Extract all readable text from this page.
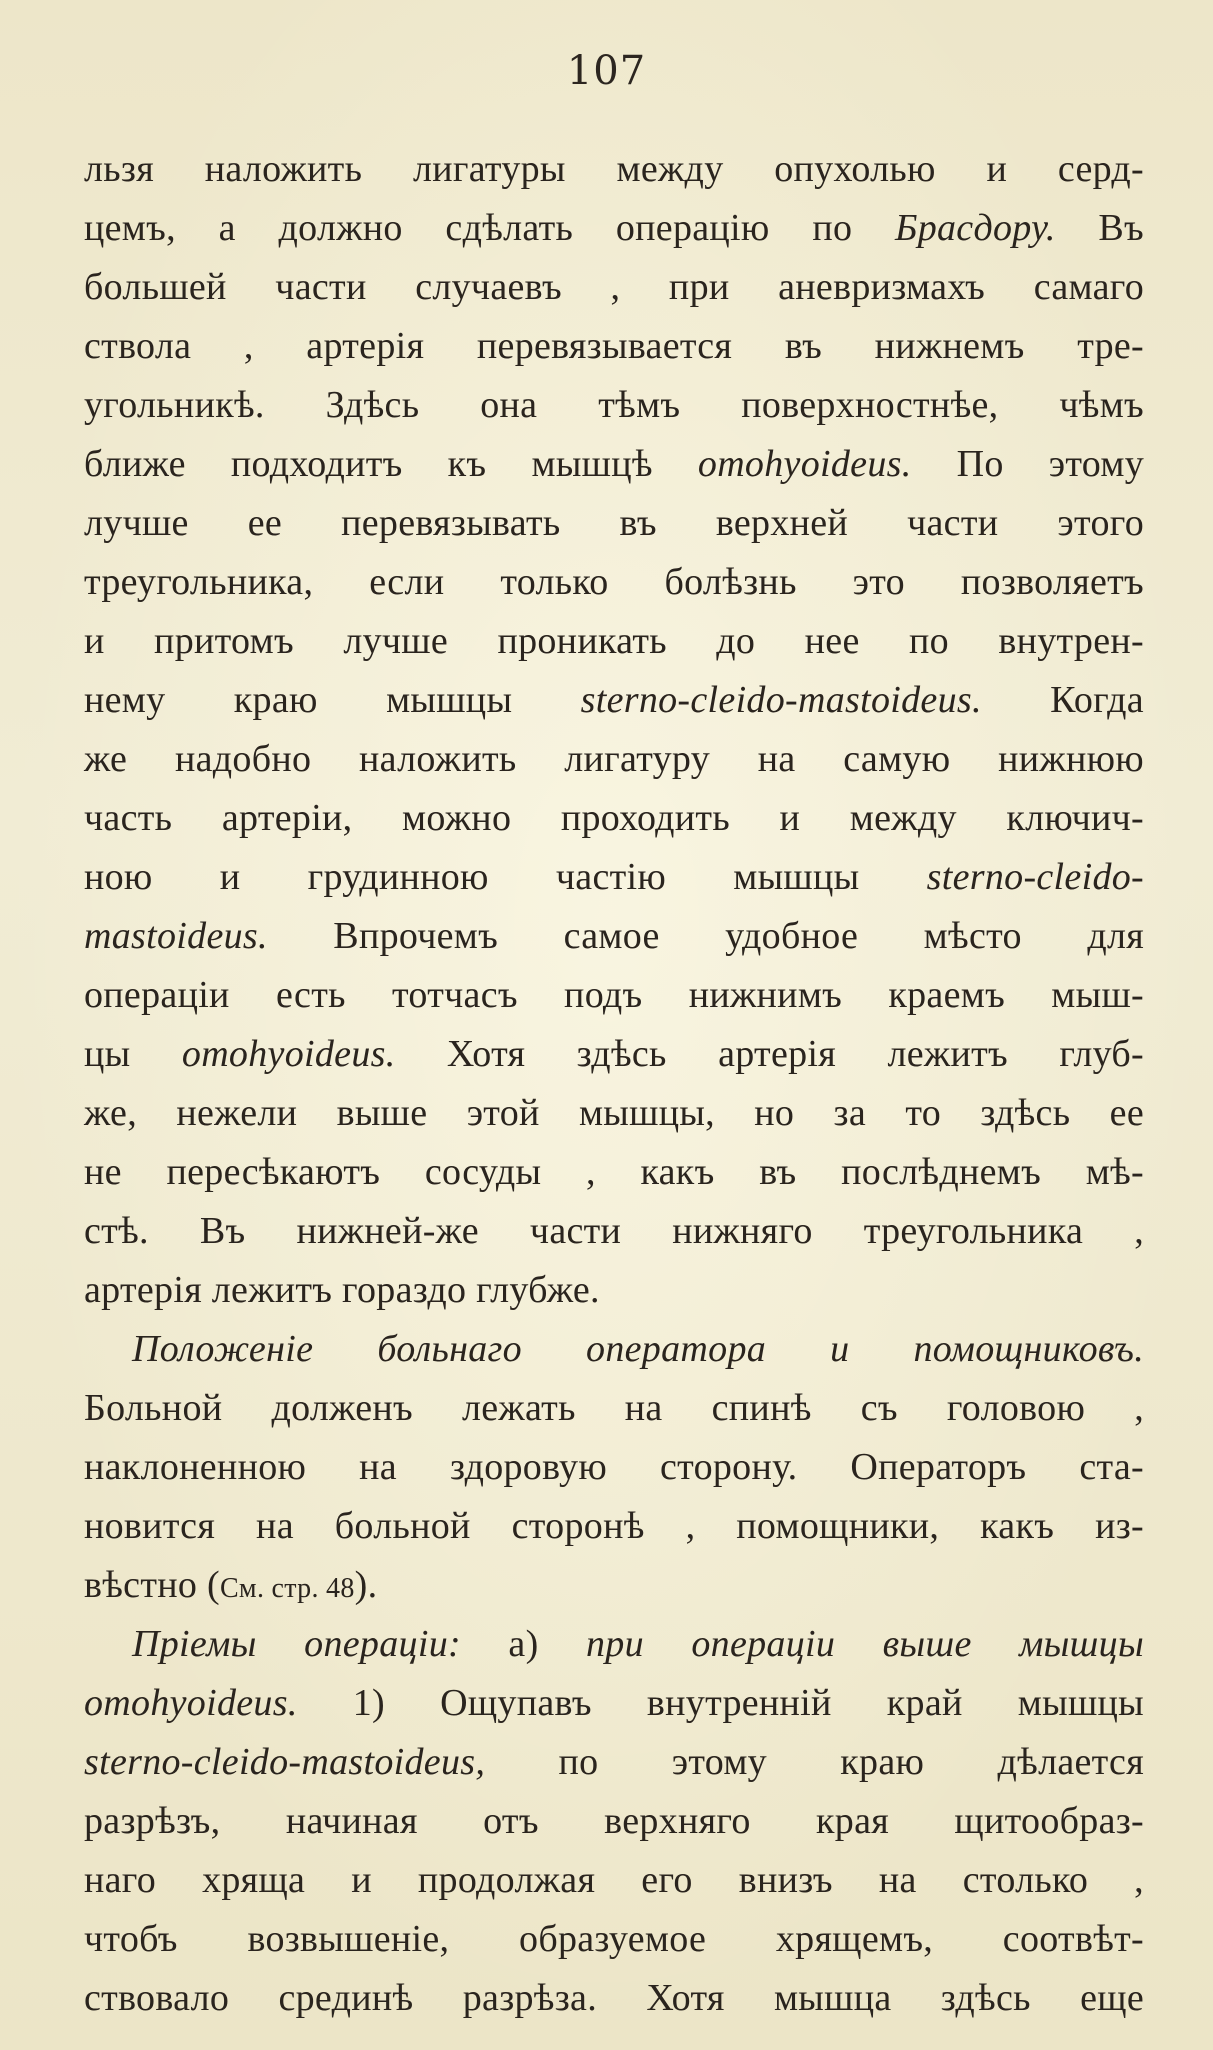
107
льзя наложить лигатуры между опухолью и серд-
цемъ, а должно сдѣлать операцію по Брасдору. Въ
большей части случаевъ , при аневризмахъ самаго
ствола , артерія перевязывается въ нижнемъ тре-
угольникѣ. Здѣсь она тѣмъ поверхностнѣе, чѣмъ
ближе подходитъ къ мышцѣ omohyoideus. По этому
лучше ее перевязывать въ верхней части этого
треугольника, если только болѣзнь это позволяетъ
и притомъ лучше проникать до нее по внутрен-
нему краю мышцы sterno-cleido-mastoideus. Когда
же надобно наложить лигатуру на самую нижнюю
часть артеріи, можно проходить и между ключич-
ною и грудинною частію мышцы sterno-cleido-
mastoideus. Впрочемъ самое удобное мѣсто для
операціи есть тотчасъ подъ нижнимъ краемъ мыш-
цы omohyoideus. Хотя здѣсь артерія лежитъ глуб-
же, нежели выше этой мышцы, но за то здѣсь ее
не пересѣкаютъ сосуды , какъ въ послѣднемъ мѣ-
стѣ. Въ нижней-же части нижняго треугольника ,
артерія лежитъ гораздо глубже.
Положеніе больнаго оператора и помощниковъ.
Больной долженъ лежать на спинѣ съ головою ,
наклоненною на здоровую сторону. Операторъ ста-
новится на больной сторонѣ , помощники, какъ из-
вѣстно (См. стр. 48).
Пріемы операціи: а) при операціи выше мышцы
omohyoideus. 1) Ощупавъ внутренній край мышцы
sterno-cleido-mastoideus, по этому краю дѣлается
разрѣзъ, начиная отъ верхняго края щитообраз-
наго хряща и продолжая его внизъ на столько ,
чтобъ возвышеніе, образуемое хрящемъ, соотвѣт-
ствовало срединѣ разрѣза. Хотя мышца здѣсь еще
